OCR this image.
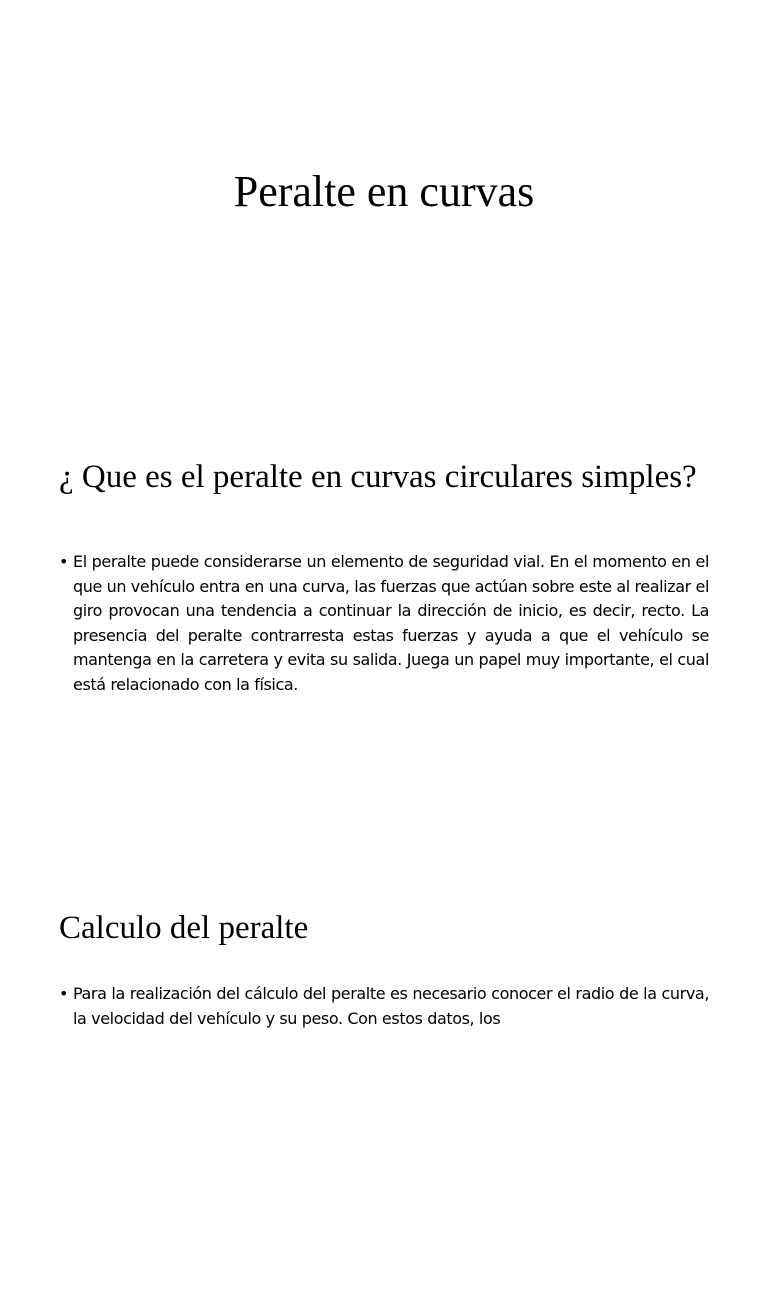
Peralte en curvas
¿ Que es el peralte en curvas circulares simples?
• El peralte puede considerarse un elemento de seguridad vial. En el momento en el que un vehículo entra en una curva, las fuerzas que actúan sobre este al realizar el giro provocan una tendencia a continuar la dirección de inicio, es decir, recto. La presencia del peralte contrarresta estas fuerzas y ayuda a que el vehículo se mantenga en la carretera y evita su salida. Juega un papel muy importante, el cual está relacionado con la física.
Calculo del peralte
• Para la realización del cálculo del peralte es necesario conocer el radio de la curva, la velocidad del vehículo y su peso. Con estos datos, los
